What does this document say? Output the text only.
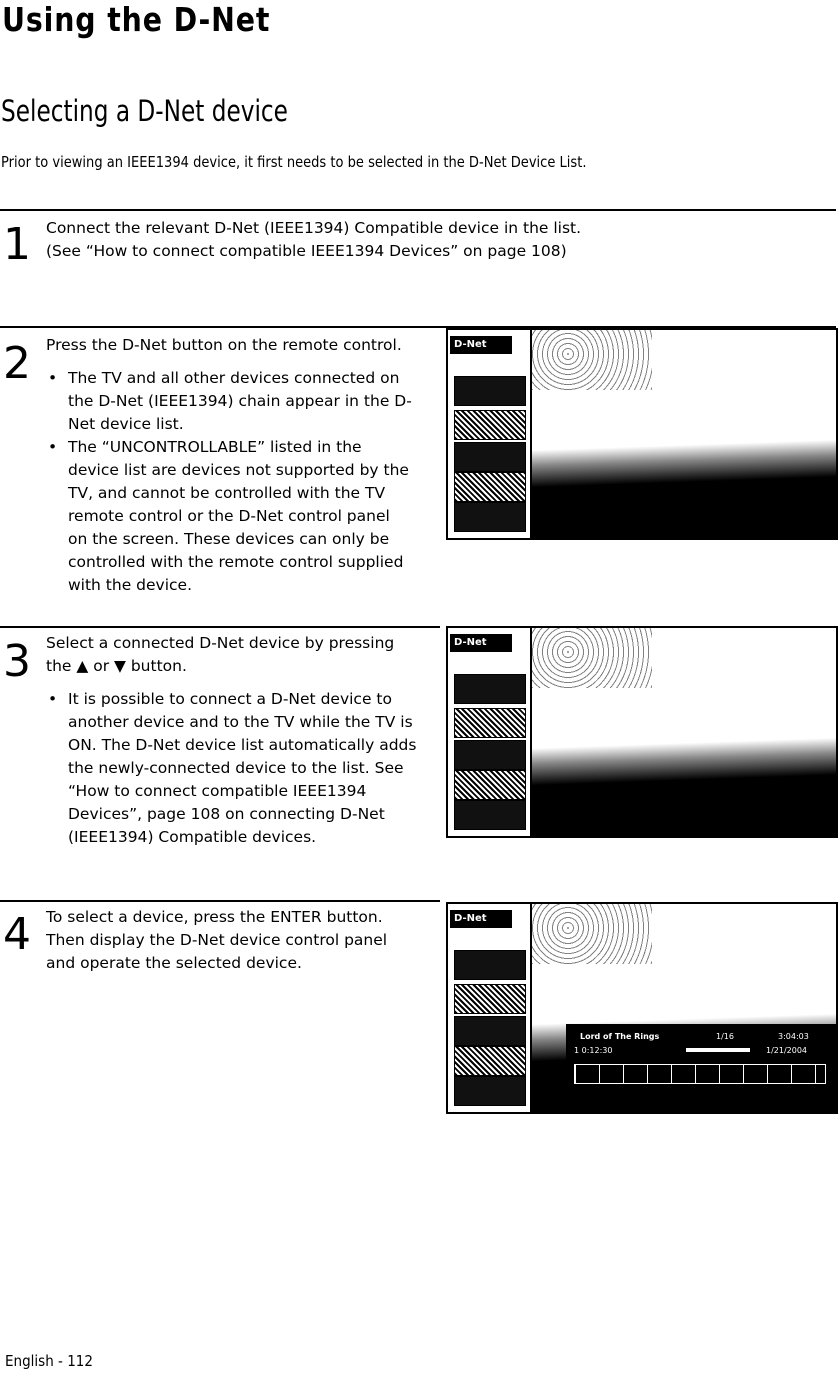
Using the D-Net
Selecting a D-Net device

Prior to viewing an IEEE1394 device, it first needs to be selected in the D-Net Device List.

1 Connect the relevant D-Net (IEEE1394) Compatible device in the list.

(See “How to connect compatible IEEE1394 Devices” on page 108)

2 Press the D-Net button on the remote control.

• The TV and all other devices connected on the D-Net (IEEE1394) chain appear in the D-Net device list.
• The “UNCONTROLLABLE” listed in the device list are devices not supported by the TV, and cannot be controlled with the TV remote control or the D-Net control panel on the screen. These devices can only be controlled with the remote control supplied with the device.
D-Net
3 Select a connected D-Net device by pressing

the ▲ or ▼ button.

• It is possible to connect a D-Net device to another device and to the TV while the TV is ON. The D-Net device list automatically adds the newly-connected device to the list. See “How to connect compatible IEEE1394 Devices”, page 108 on connecting D-Net (IEEE1394) Compatible devices.
D-Net
4 To select a device, press the ENTER button.

Then display the D-Net device control panel

and operate the selected device.

D-Net
Lord of The Rings	1/16	3:04:03
1 0:12:30	1/21/2004
English - 112
